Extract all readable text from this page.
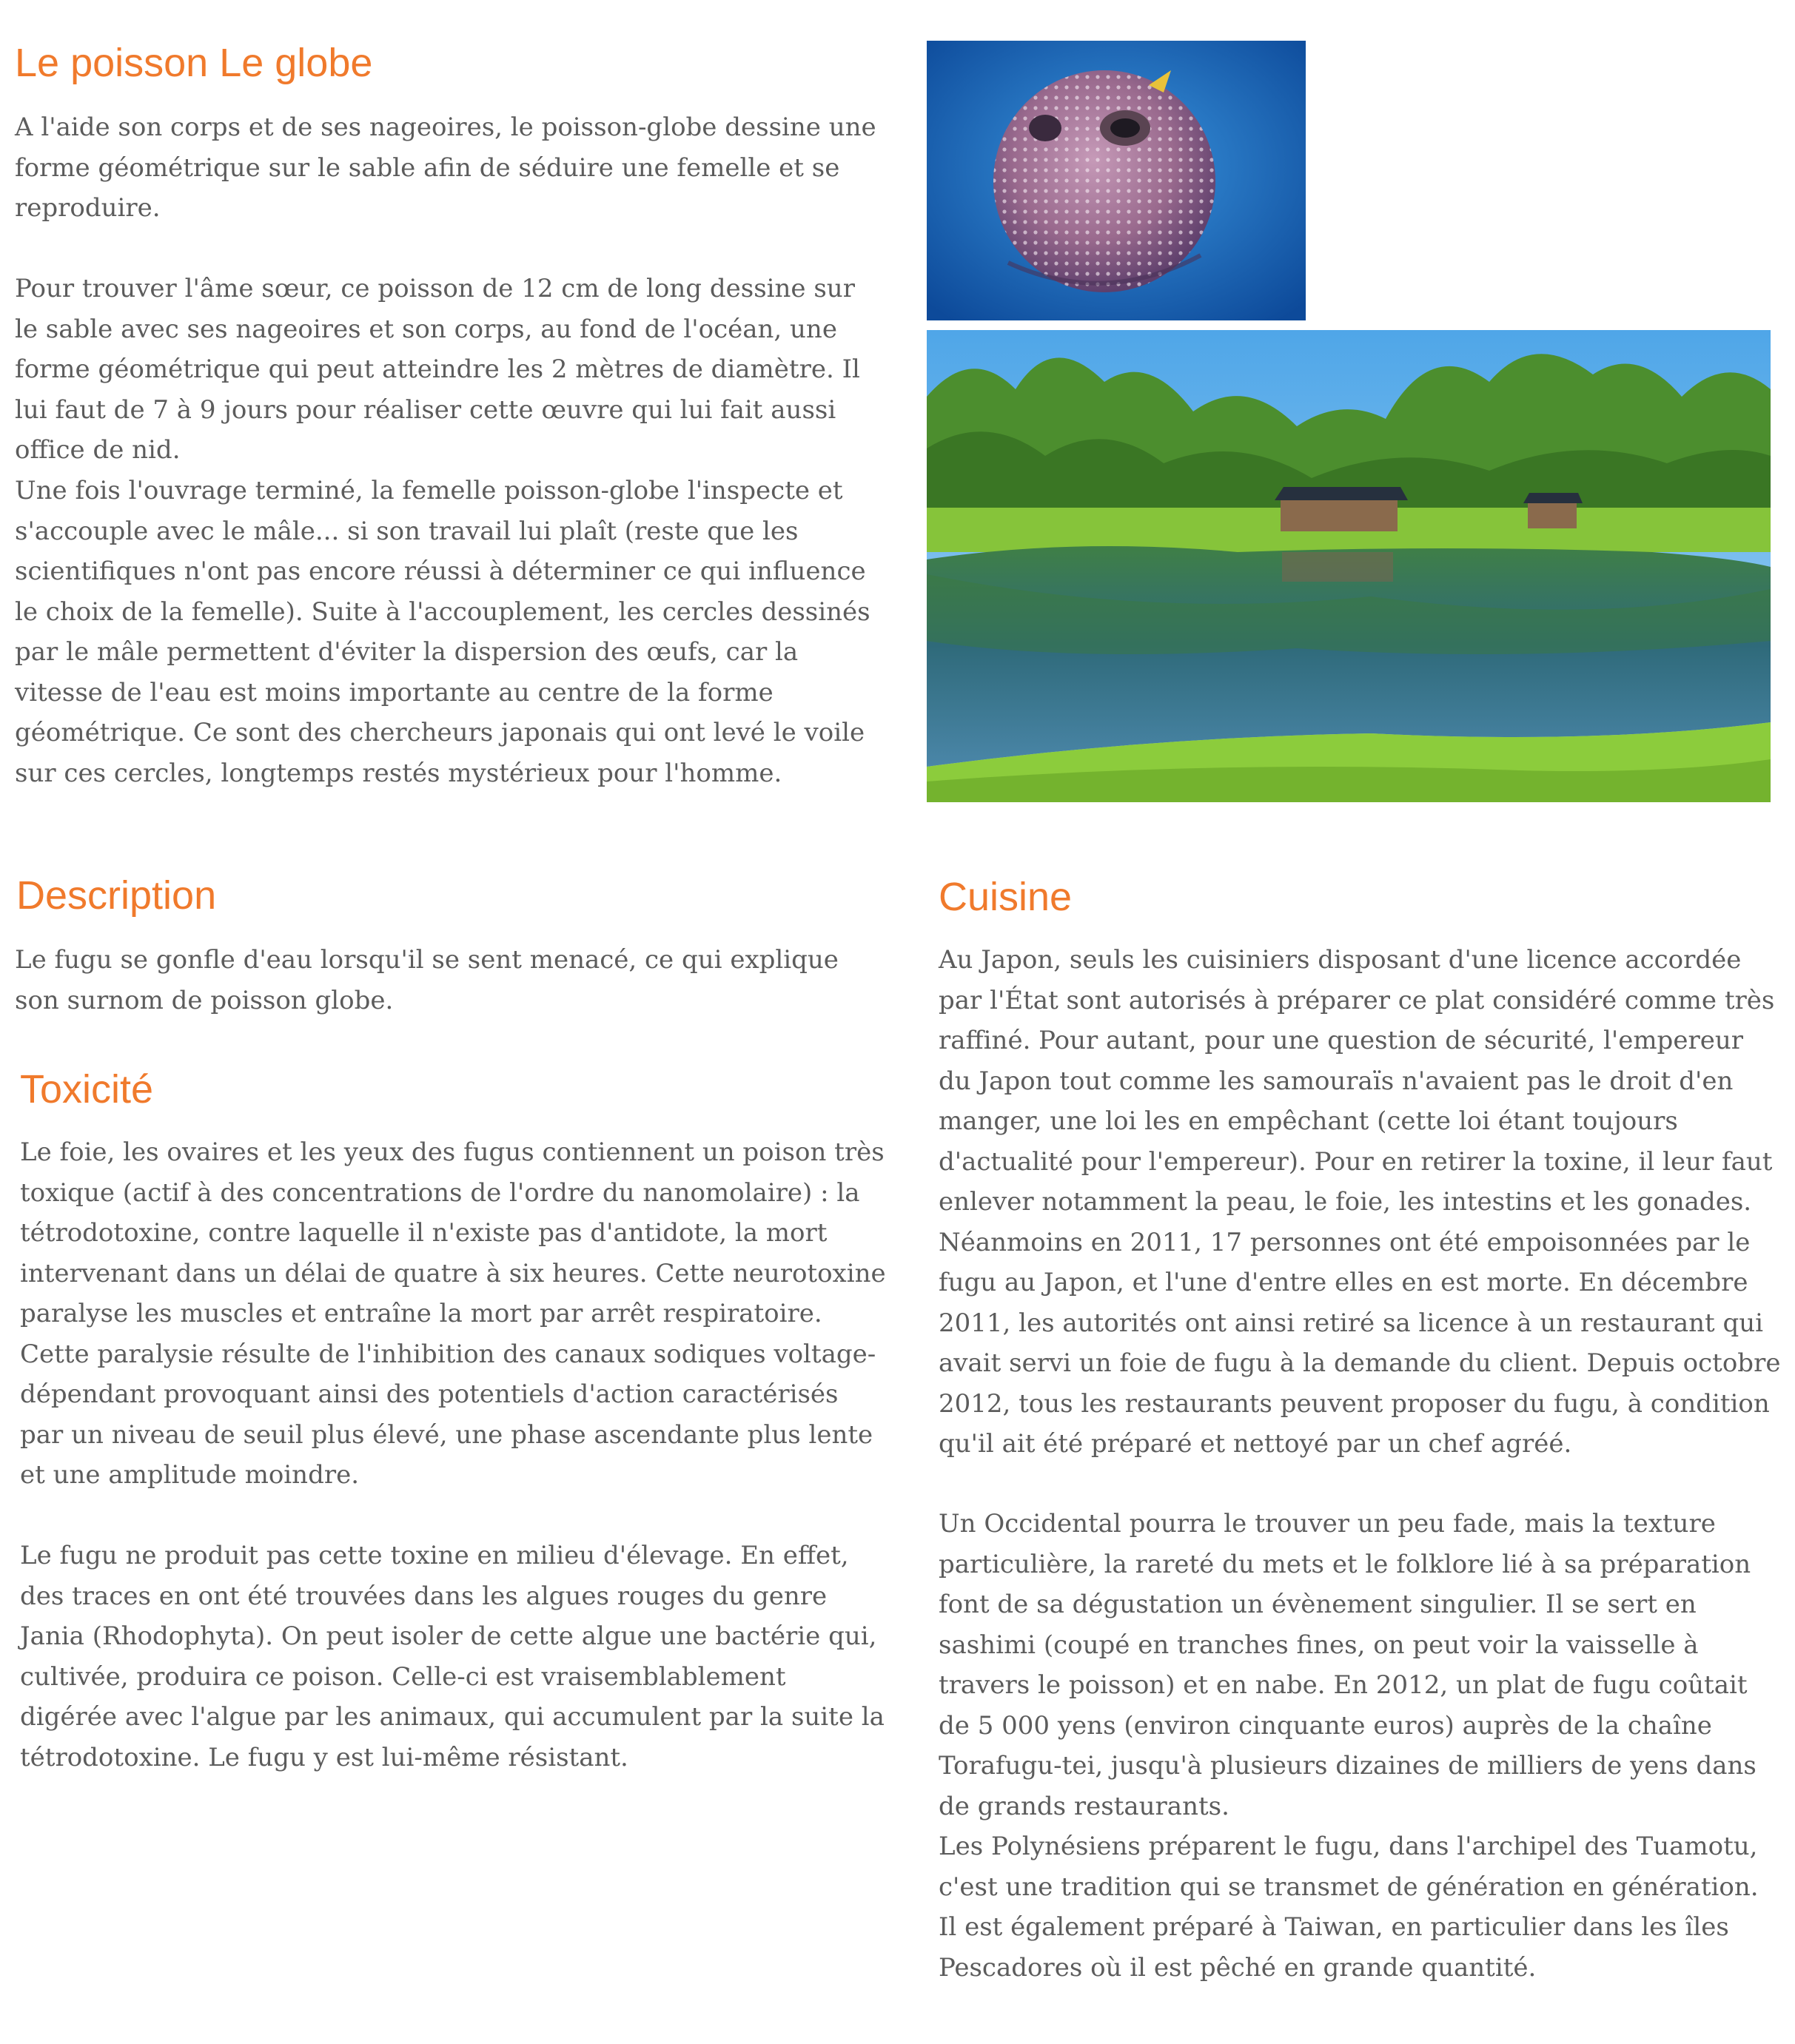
Le poisson Le globe

A l'aide son corps et de ses nageoires, le poisson-globe dessine une forme géométrique sur le sable afin de séduire une femelle et se reproduire.

Pour trouver l'âme sœur, ce poisson de 12 cm de long dessine sur le sable avec ses nageoires et son corps, au fond de l'océan, une forme géométrique qui peut atteindre les 2 mètres de diamètre. Il lui faut de 7 à 9 jours pour réaliser cette œuvre qui lui fait aussi office de nid.

Une fois l'ouvrage terminé, la femelle poisson-globe l'inspecte et s'accouple avec le mâle... si son travail lui plaît (reste que les scientifiques n'ont pas encore réussi à déterminer ce qui influence le choix de la femelle). Suite à l'accouplement, les cercles dessinés par le mâle permettent d'éviter la dispersion des œufs, car la vitesse de l'eau est moins importante au centre de la forme géométrique. Ce sont des chercheurs japonais qui ont levé le voile sur ces cercles, longtemps restés mystérieux pour l'homme.

Description

Le fugu se gonfle d'eau lorsqu'il se sent menacé, ce qui explique son surnom de poisson globe.

Toxicité

Le foie, les ovaires et les yeux des fugus contiennent un poison très toxique (actif à des concentrations de l'ordre du nanomolaire) : la tétrodotoxine, contre laquelle il n'existe pas d'antidote, la mort intervenant dans un délai de quatre à six heures. Cette neurotoxine paralyse les muscles et entraîne la mort par arrêt respiratoire. Cette paralysie résulte de l'inhibition des canaux sodiques voltage-dépendant provoquant ainsi des potentiels d'action caractérisés par un niveau de seuil plus élevé, une phase ascendante plus lente et une amplitude moindre.

Le fugu ne produit pas cette toxine en milieu d'élevage. En effet, des traces en ont été trouvées dans les algues rouges du genre Jania (Rhodophyta). On peut isoler de cette algue une bactérie qui, cultivée, produira ce poison. Celle-ci est vraisemblablement digérée avec l'algue par les animaux, qui accumulent par la suite la tétrodotoxine. Le fugu y est lui-même résistant.

Cuisine

Au Japon, seuls les cuisiniers disposant d'une licence accordée par l'État sont autorisés à préparer ce plat considéré comme très raffiné. Pour autant, pour une question de sécurité, l'empereur du Japon tout comme les samouraïs n'avaient pas le droit d'en manger, une loi les en empêchant (cette loi étant toujours d'actualité pour l'empereur). Pour en retirer la toxine, il leur faut enlever notamment la peau, le foie, les intestins et les gonades. Néanmoins en 2011, 17 personnes ont été empoisonnées par le fugu au Japon, et l'une d'entre elles en est morte. En décembre 2011, les autorités ont ainsi retiré sa licence à un restaurant qui avait servi un foie de fugu à la demande du client. Depuis octobre 2012, tous les restaurants peuvent proposer du fugu, à condition qu'il ait été préparé et nettoyé par un chef agréé.

Un Occidental pourra le trouver un peu fade, mais la texture particulière, la rareté du mets et le folklore lié à sa préparation font de sa dégustation un évènement singulier. Il se sert en sashimi (coupé en tranches fines, on peut voir la vaisselle à travers le poisson) et en nabe. En 2012, un plat de fugu coûtait de 5 000 yens (environ cinquante euros) auprès de la chaîne Torafugu-tei, jusqu'à plusieurs dizaines de milliers de yens dans de grands restaurants.

Les Polynésiens préparent le fugu, dans l'archipel des Tuamotu, c'est une tradition qui se transmet de génération en génération. Il est également préparé à Taiwan, en particulier dans les îles Pescadores où il est pêché en grande quantité.
